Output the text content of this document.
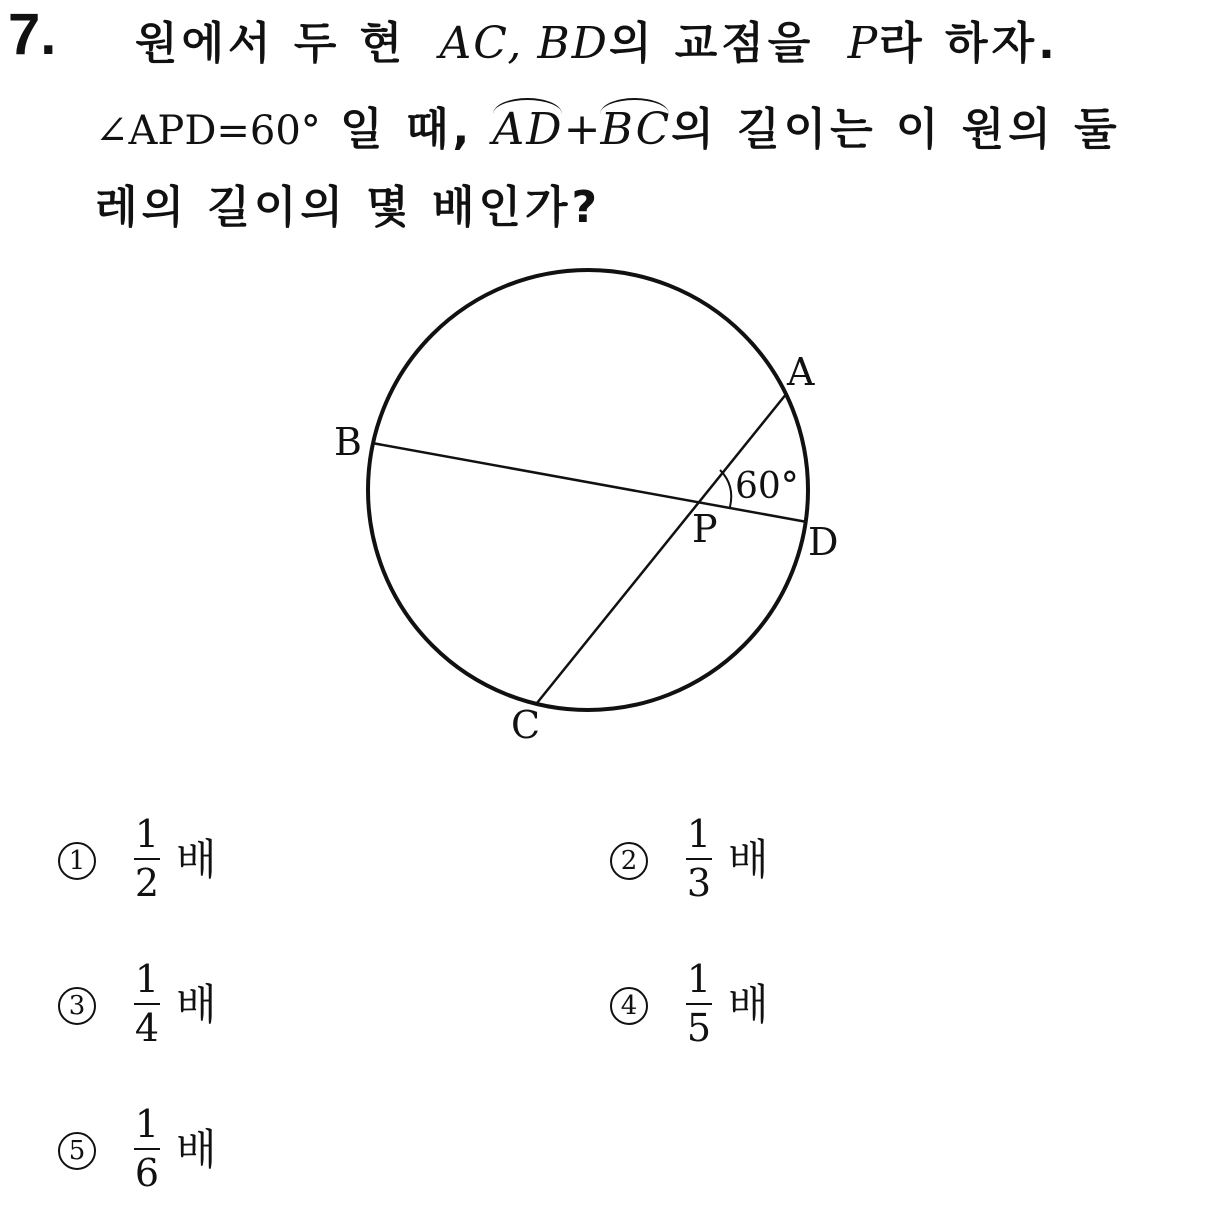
7. 원에서 두 현 AC, BD의 교점을 P라 하자.
∠APD=60° 일 때, AD+BC의 길이는 이 원의 둘
레의 길이의 몇 배인가?
A
B
C
D
P
60°
1
1
2 배	2
1
3 배
3
1
4 배	4
1
5 배
5
1
6 배
